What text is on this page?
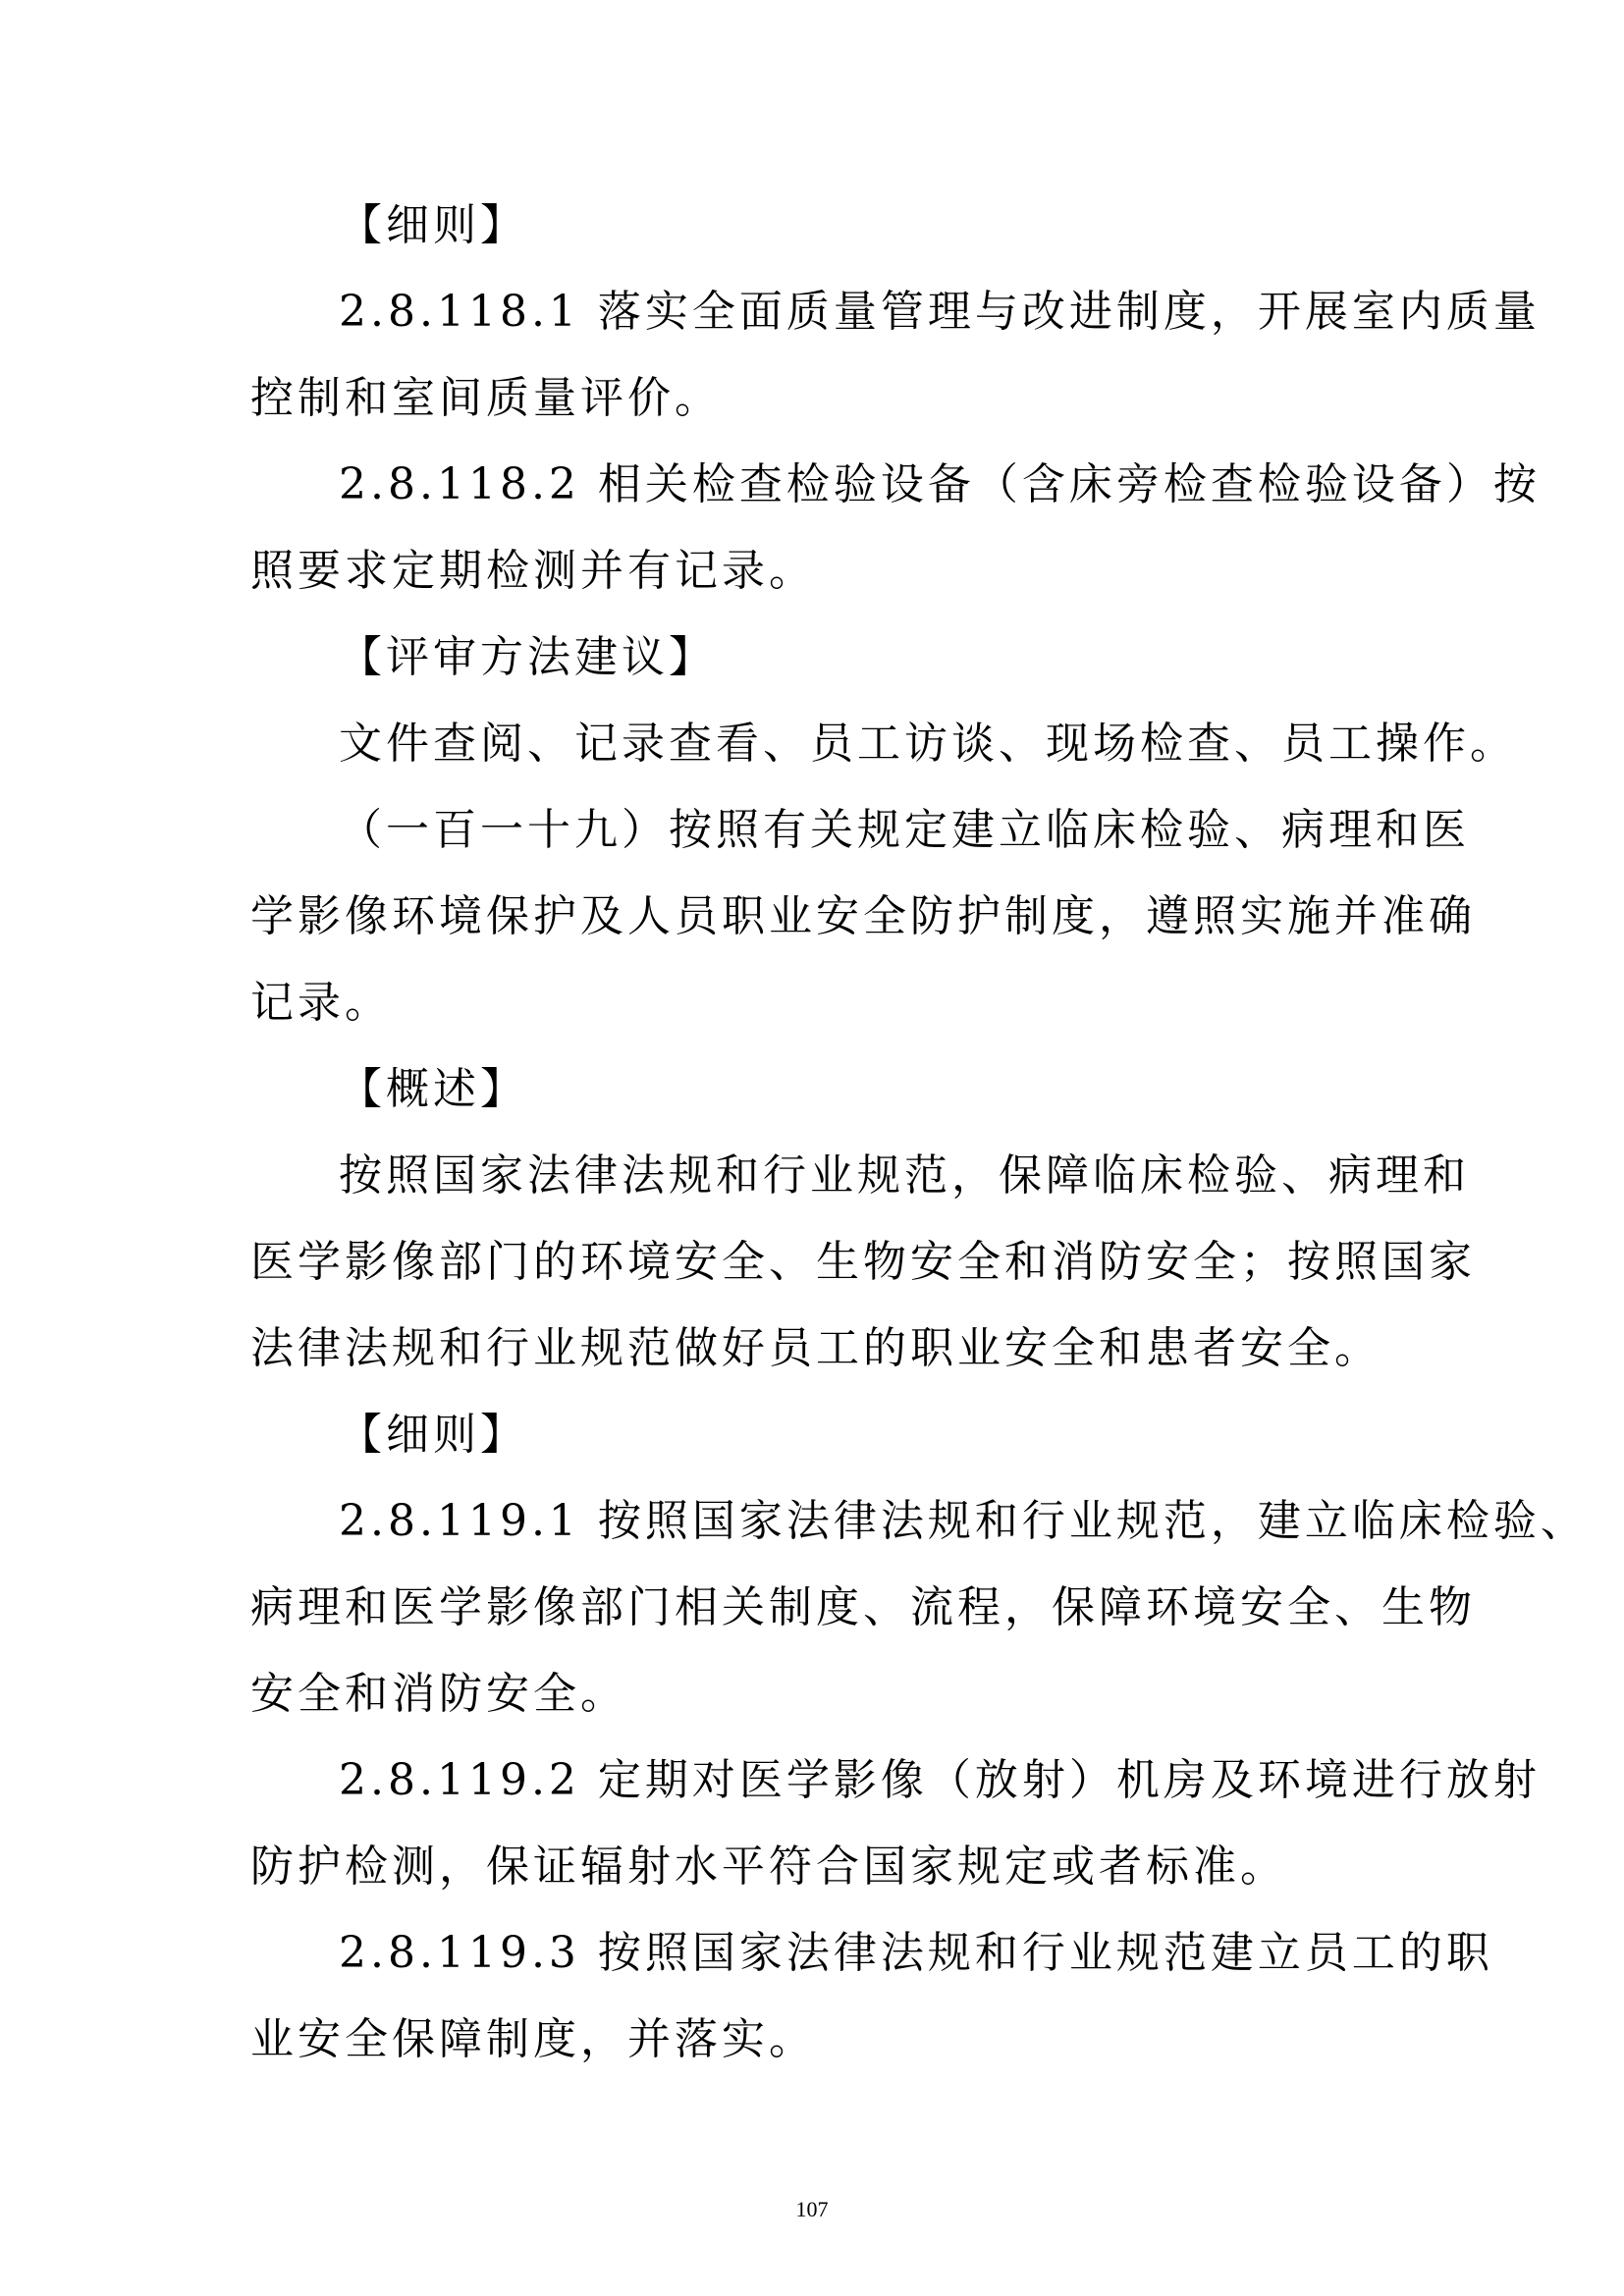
【细则】
2.8.118.1 落实全面质量管理与改进制度，开展室内质量
控制和室间质量评价。
2.8.118.2 相关检查检验设备（含床旁检查检验设备）按
照要求定期检测并有记录。
【评审方法建议】
文件查阅、记录查看、员工访谈、现场检查、员工操作。
（一百一十九）按照有关规定建立临床检验、病理和医
学影像环境保护及人员职业安全防护制度，遵照实施并准确
记录。
【概述】
按照国家法律法规和行业规范，保障临床检验、病理和
医学影像部门的环境安全、生物安全和消防安全；按照国家
法律法规和行业规范做好员工的职业安全和患者安全。
【细则】
2.8.119.1 按照国家法律法规和行业规范，建立临床检验、
病理和医学影像部门相关制度、流程，保障环境安全、生物
安全和消防安全。
2.8.119.2 定期对医学影像（放射）机房及环境进行放射
防护检测，保证辐射水平符合国家规定或者标准。
2.8.119.3 按照国家法律法规和行业规范建立员工的职
业安全保障制度，并落实。
107
